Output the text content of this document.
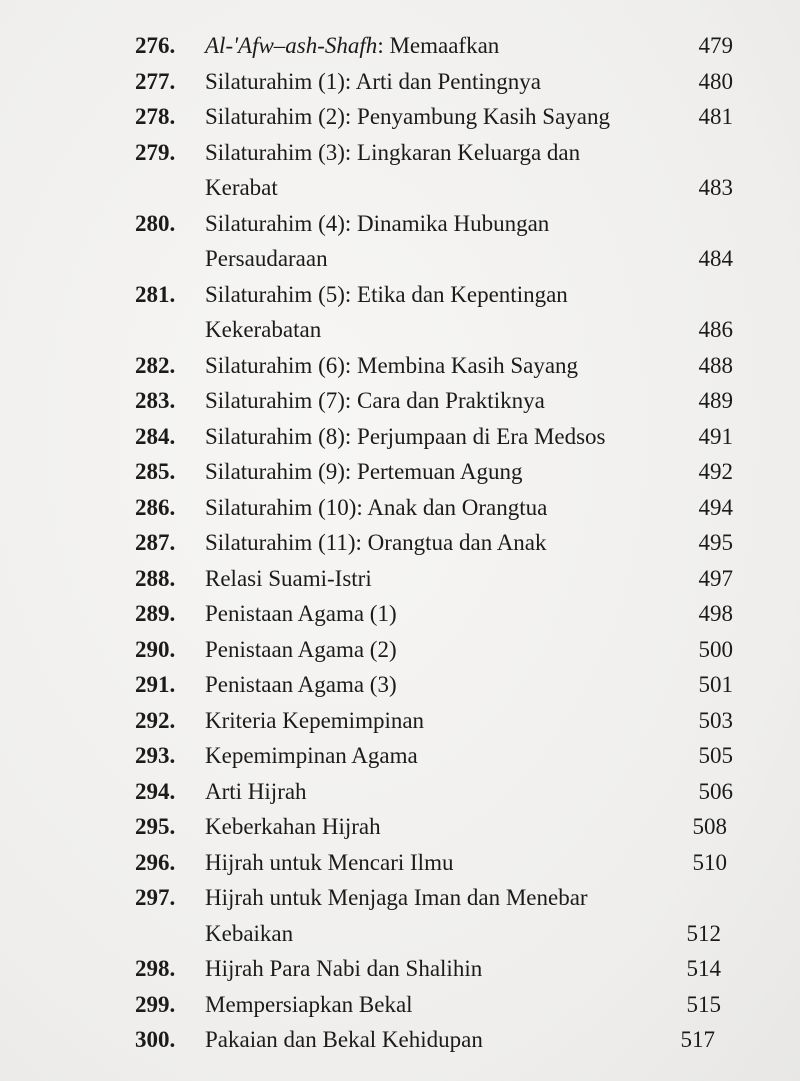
276.	Al-'Afw–ash-Shafh: Memaafkan	479
277.	Silaturahim (1): Arti dan Pentingnya	480
278.	Silaturahim (2): Penyambung Kasih Sayang	481
279.	Silaturahim (3): Lingkaran Keluarga dan Kerabat	483
280.	Silaturahim (4): Dinamika Hubungan Persaudaraan	484
281.	Silaturahim (5): Etika dan Kepentingan Kekerabatan	486
282.	Silaturahim (6): Membina Kasih Sayang	488
283.	Silaturahim (7): Cara dan Praktiknya	489
284.	Silaturahim (8): Perjumpaan di Era Medsos	491
285.	Silaturahim (9): Pertemuan Agung	492
286.	Silaturahim (10): Anak dan Orangtua	494
287.	Silaturahim (11): Orangtua dan Anak	495
288.	Relasi Suami-Istri	497
289.	Penistaan Agama (1)	498
290.	Penistaan Agama (2)	500
291.	Penistaan Agama (3)	501
292.	Kriteria Kepemimpinan	503
293.	Kepemimpinan Agama	505
294.	Arti Hijrah	506
295.	Keberkahan Hijrah	508
296.	Hijrah untuk Mencari Ilmu	510
297.	Hijrah untuk Menjaga Iman dan Menebar Kebaikan	512
298.	Hijrah Para Nabi dan Shalihin	514
299.	Mempersiapkan Bekal	515
300.	Pakaian dan Bekal Kehidupan	517
